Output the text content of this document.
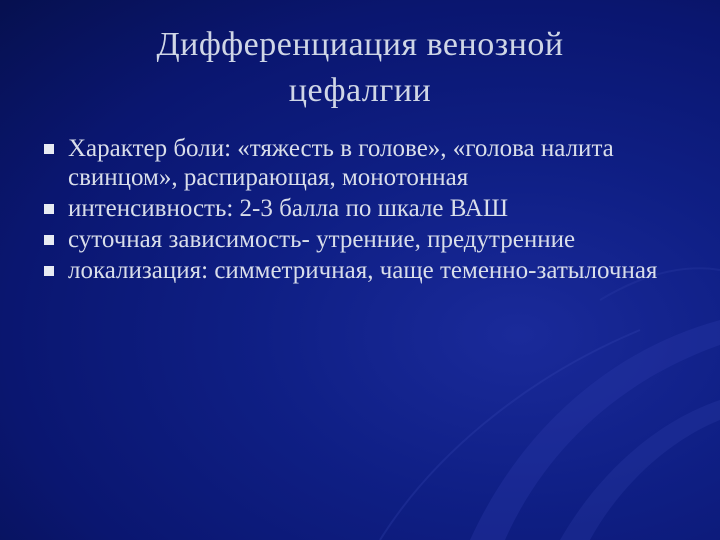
Дифференциация венозной
цефалгии
Характер боли: «тяжесть в голове», «голова налита свинцом», распирающая, монотонная
интенсивность: 2-3 балла по шкале ВАШ
суточная зависимость- утренние, предутренние
локализация: симметричная, чаще теменно-затылочная
